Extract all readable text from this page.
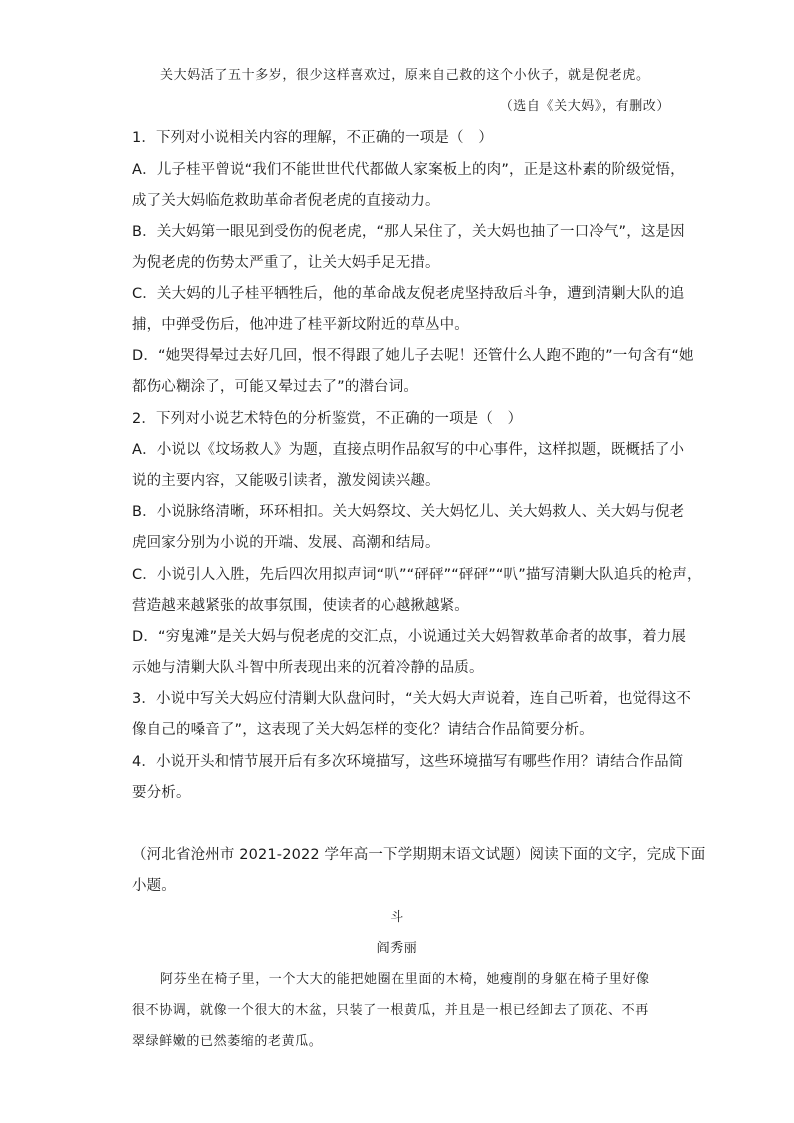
关大妈活了五十多岁，很少这样喜欢过，原来自己救的这个小伙子，就是倪老虎。
（选自《关大妈》，有删改）
1．下列对小说相关内容的理解，不正确的一项是（　）
A．儿子桂平曾说“我们不能世世代代都做人家案板上的肉”，正是这朴素的阶级觉悟，
成了关大妈临危救助革命者倪老虎的直接动力。
B．关大妈第一眼见到受伤的倪老虎，“那人呆住了，关大妈也抽了一口冷气”，这是因
为倪老虎的伤势太严重了，让关大妈手足无措。
C．关大妈的儿子桂平牺牲后，他的革命战友倪老虎坚持敌后斗争，遭到清剿大队的追
捕，中弹受伤后，他冲进了桂平新坟附近的草丛中。
D．“她哭得晕过去好几回，恨不得跟了她儿子去呢！还管什么人跑不跑的”一句含有“她
都伤心糊涂了，可能又晕过去了”的潜台词。
2．下列对小说艺术特色的分析鉴赏，不正确的一项是（　）
A．小说以《坟场救人》为题，直接点明作品叙写的中心事件，这样拟题，既概括了小
说的主要内容，又能吸引读者，激发阅读兴趣。
B．小说脉络清晰，环环相扣。关大妈祭坟、关大妈忆儿、关大妈救人、关大妈与倪老
虎回家分别为小说的开端、发展、高潮和结局。
C．小说引人入胜，先后四次用拟声词“叭”“砰砰”“砰砰”“叭”描写清剿大队追兵的枪声，
营造越来越紧张的故事氛围，使读者的心越揪越紧。
D．“穷鬼滩”是关大妈与倪老虎的交汇点，小说通过关大妈智救革命者的故事，着力展
示她与清剿大队斗智中所表现出来的沉着冷静的品质。
3．小说中写关大妈应付清剿大队盘问时，“关大妈大声说着，连自己听着，也觉得这不
像自己的嗓音了”，这表现了关大妈怎样的变化？请结合作品简要分析。
4．小说开头和情节展开后有多次环境描写，这些环境描写有哪些作用？请结合作品简
要分析。
（河北省沧州市 2021-2022 学年高一下学期期末语文试题）阅读下面的文字，完成下面
小题。
斗
阎秀丽
阿芬坐在椅子里，一个大大的能把她圈在里面的木椅，她瘦削的身躯在椅子里好像
很不协调，就像一个很大的木盆，只装了一根黄瓜，并且是一根已经卸去了顶花、不再
翠绿鲜嫩的已然萎缩的老黄瓜。
